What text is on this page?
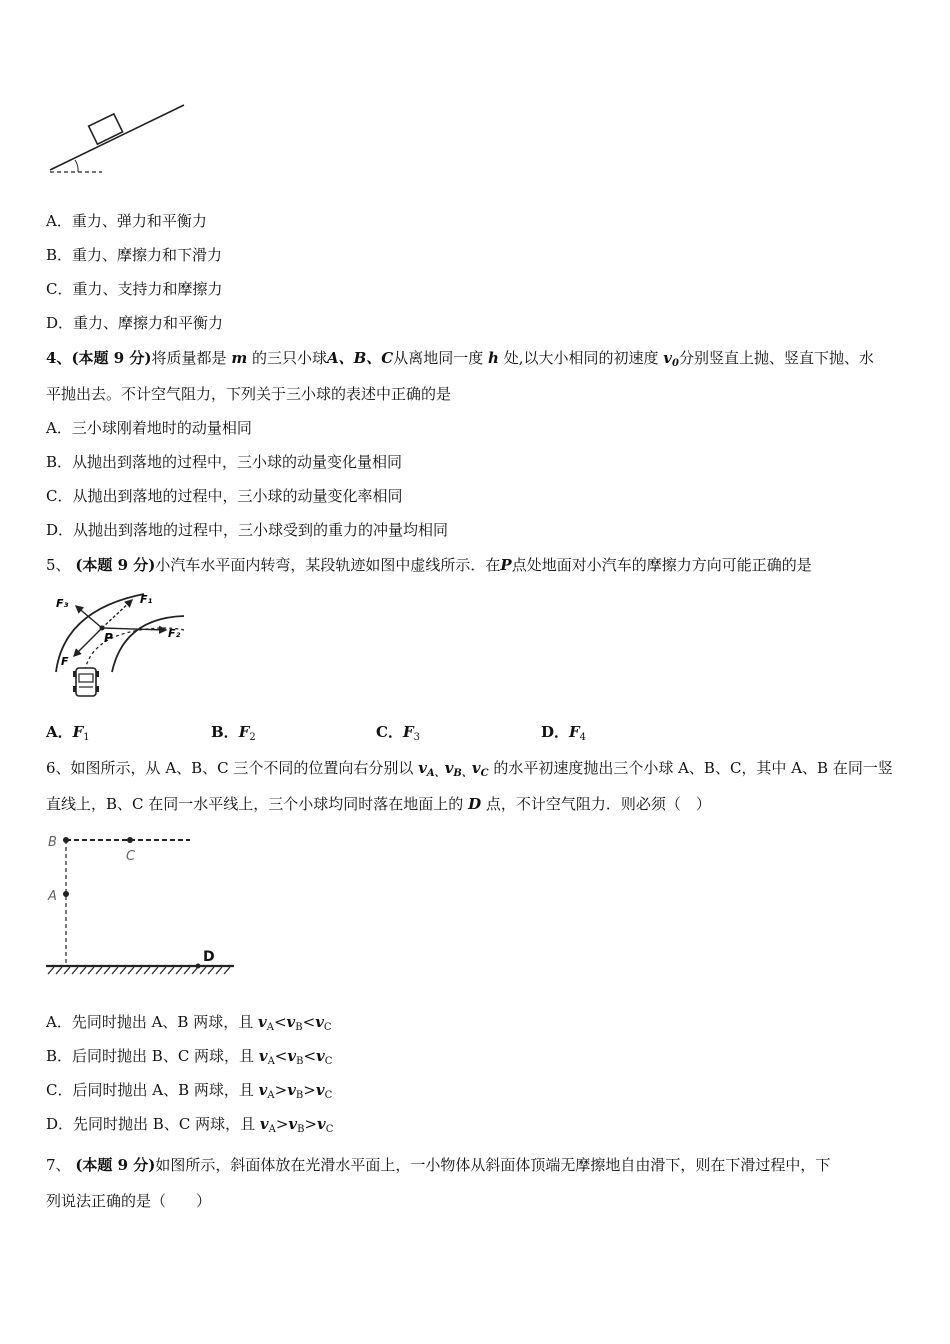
A．重力、弹力和平衡力
B．重力、摩擦力和下滑力
C．重力、支持力和摩擦力
D．重力、摩擦力和平衡力
4、(本题 9 分)将质量都是 m 的三只小球A、B、C从离地同一度 h 处,以大小相同的初速度 $v_0$分别竖直上抛、竖直下抛、水
平抛出去。不计空气阻力，下列关于三小球的表述中正确的是
A．三小球刚着地时的动量相同
B．从抛出到落地的过程中，三小球的动量变化量相同
C．从抛出到落地的过程中，三小球的动量变化率相同
D．从抛出到落地的过程中，三小球受到的重力的冲量均相同
5、 (本题 9 分)小汽车水平面内转弯，某段轨迹如图中虚线所示．在P点处地面对小汽车的摩擦力方向可能正确的是
F₁
F₂
F₃
F
P
A．$F_1$	B．$F_2$	C．$F_3$	D．$F_4$
6、如图所示，从 A、B、C 三个不同的位置向右分别以 $v_{A、}v_{B、}v_C$ 的水平初速度抛出三个小球 A、B、C，其中 A、B 在同一竖
直线上，B、C 在同一水平线上，三个小球均同时落在地面上的 D 点，不计空气阻力．则必须（　）
B
C
A
D
A．先同时抛出 A、B 两球，且 $v_A<v_B<v_C$
B．后同时抛出 B、C 两球，且 $v_A<v_B<v_C$
C．后同时抛出 A、B 两球，且 $v_A>v_B>v_C$
D．先同时抛出 B、C 两球，且 $v_A>v_B>v_C$
7、 (本题 9 分)如图所示，斜面体放在光滑水平面上，一小物体从斜面体顶端无摩擦地自由滑下，则在下滑过程中，下
列说法正确的是（　　）
